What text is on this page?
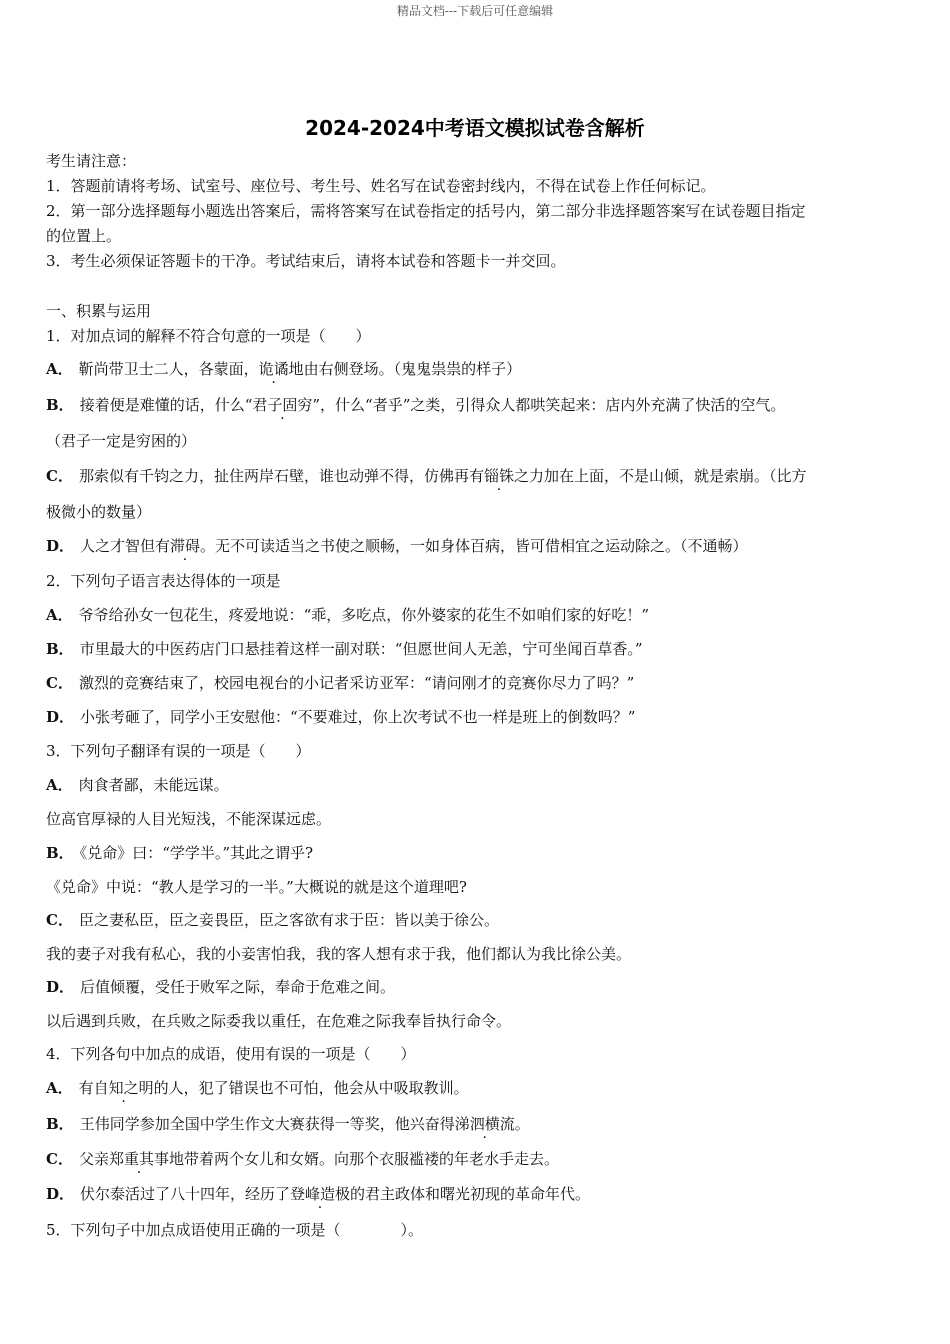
精品文档---下载后可任意编辑
2024-2024中考语文模拟试卷含解析
考生请注意：
1．答题前请将考场、试室号、座位号、考生号、姓名写在试卷密封线内，不得在试卷上作任何标记。
2．第一部分选择题每小题选出答案后，需将答案写在试卷指定的括号内，第二部分非选择题答案写在试卷题目指定
的位置上。
3．考生必须保证答题卡的干净。考试结束后，请将本试卷和答题卡一并交回。
一、积累与运用
1．对加点词的解释不符合句意的一项是（　　）
A． 靳尚带卫士二人，各蒙面，诡谲地由右侧登场。（鬼鬼祟祟的样子）
B． 接着便是难懂的话，什么“君子固穷”，什么“者乎”之类，引得众人都哄笑起来：店内外充满了快活的空气。
（君子一定是穷困的）
C． 那索似有千钧之力，扯住两岸石壁，谁也动弹不得，仿佛再有锱铢之力加在上面，不是山倾，就是索崩。（比方
极微小的数量）
D． 人之才智但有滞碍。无不可读适当之书使之顺畅，一如身体百病，皆可借相宜之运动除之。（不通畅）
2．下列句子语言表达得体的一项是
A． 爷爷给孙女一包花生，疼爱地说：“乖，多吃点，你外婆家的花生不如咱们家的好吃！”
B． 市里最大的中医药店门口悬挂着这样一副对联：“但愿世间人无恙，宁可坐闻百草香。”
C． 激烈的竞赛结束了，校园电视台的小记者采访亚军：“请问刚才的竞赛你尽力了吗？”
D． 小张考砸了，同学小王安慰他：“不要难过，你上次考试不也一样是班上的倒数吗？”
3．下列句子翻译有误的一项是（　　）
A． 肉食者鄙，未能远谋。
位高官厚禄的人目光短浅，不能深谋远虑。
B． 《兑命》曰：“学学半。”其此之谓乎?
《兑命》中说：“教人是学习的一半。”大概说的就是这个道理吧?
C． 臣之妻私臣，臣之妾畏臣，臣之客欲有求于臣：皆以美于徐公。
我的妻子对我有私心，我的小妾害怕我，我的客人想有求于我，他们都认为我比徐公美。
D． 后值倾覆，受任于败军之际，奉命于危难之间。
以后遇到兵败，在兵败之际委我以重任，在危难之际我奉旨执行命令。
4．下列各句中加点的成语，使用有误的一项是（　　）
A． 有自知之明的人，犯了错误也不可怕，他会从中吸取教训。
B． 王伟同学参加全国中学生作文大赛获得一等奖，他兴奋得涕泗横流。
C． 父亲郑重其事地带着两个女儿和女婿。向那个衣服褴褛的年老水手走去。
D． 伏尔泰活过了八十四年，经历了登峰造极的君主政体和曙光初现的革命年代。
5．下列句子中加点成语使用正确的一项是（　　　　）。
